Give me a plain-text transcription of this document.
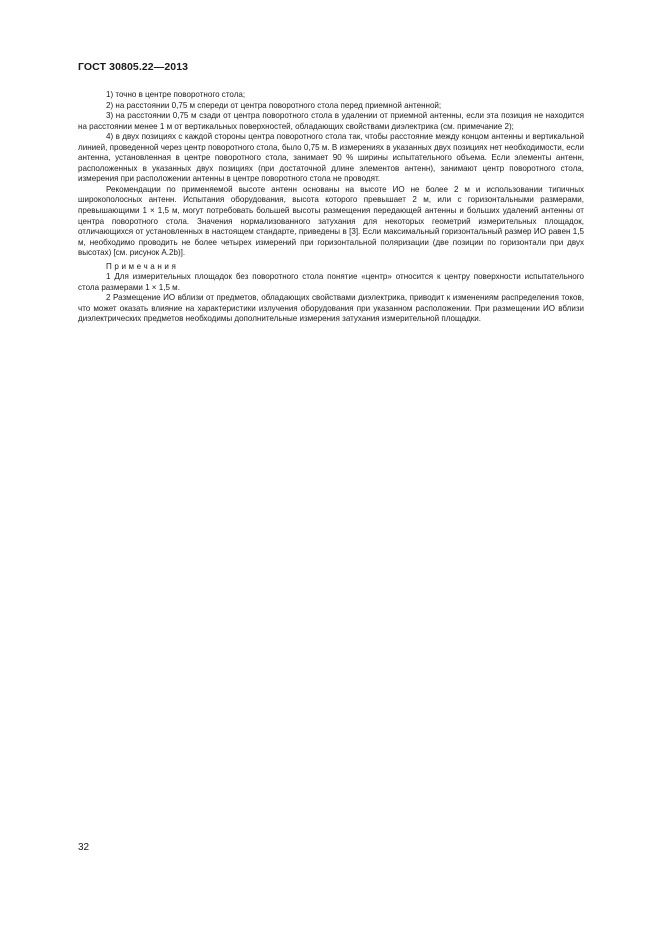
ГОСТ 30805.22—2013

1) точно в центре поворотного стола;

2) на расстоянии 0,75 м спереди от центра поворотного стола перед приемной антенной;

3) на расстоянии 0,75 м сзади от центра поворотного стола в удалении от приемной антенны, если эта позиция не находится на расстоянии менее 1 м от вертикальных поверхностей, обладающих свойствами диэлектрика (см. примечание 2);

4) в двух позициях с каждой стороны центра поворотного стола так, чтобы расстояние между концом антенны и вертикальной линией, проведенной через центр поворотного стола, было 0,75 м. В измерениях в указанных двух позициях нет необходимости, если антенна, установленная в центре поворотного стола, занимает 90 % ширины испытательного объема. Если элементы антенн, расположенных в указанных двух позициях (при достаточной длине элементов антенн), занимают центр поворотного стола, измерения при расположении антенны в центре поворотного стола не проводят.

Рекомендации по применяемой высоте антенн основаны на высоте ИО не более 2 м и использовании типичных широкополосных антенн. Испытания оборудования, высота которого превышает 2 м, или с горизонтальными размерами, превышающими 1 × 1,5 м, могут потребовать большей высоты размещения передающей антенны и больших удалений антенны от центра поворотного стола. Значения нормализованного затухания для некоторых геометрий измерительных площадок, отличающихся от установленных в настоящем стандарте, приведены в [3]. Если максимальный горизонтальный размер ИО равен 1,5 м, необходимо проводить не более четырех измерений при горизонтальной поляризации (две позиции по горизонтали при двух высотах) [см. рисунок А.2b)].

Примечания

1 Для измерительных площадок без поворотного стола понятие «центр» относится к центру поверхности испытательного стола размерами 1 × 1,5 м.

2 Размещение ИО вблизи от предметов, обладающих свойствами диэлектрика, приводит к изменениям распределения токов, что может оказать влияние на характеристики излучения оборудования при указанном расположении. При размещении ИО вблизи диэлектрических предметов необходимы дополнительные измерения затухания измерительной площадки.

32
